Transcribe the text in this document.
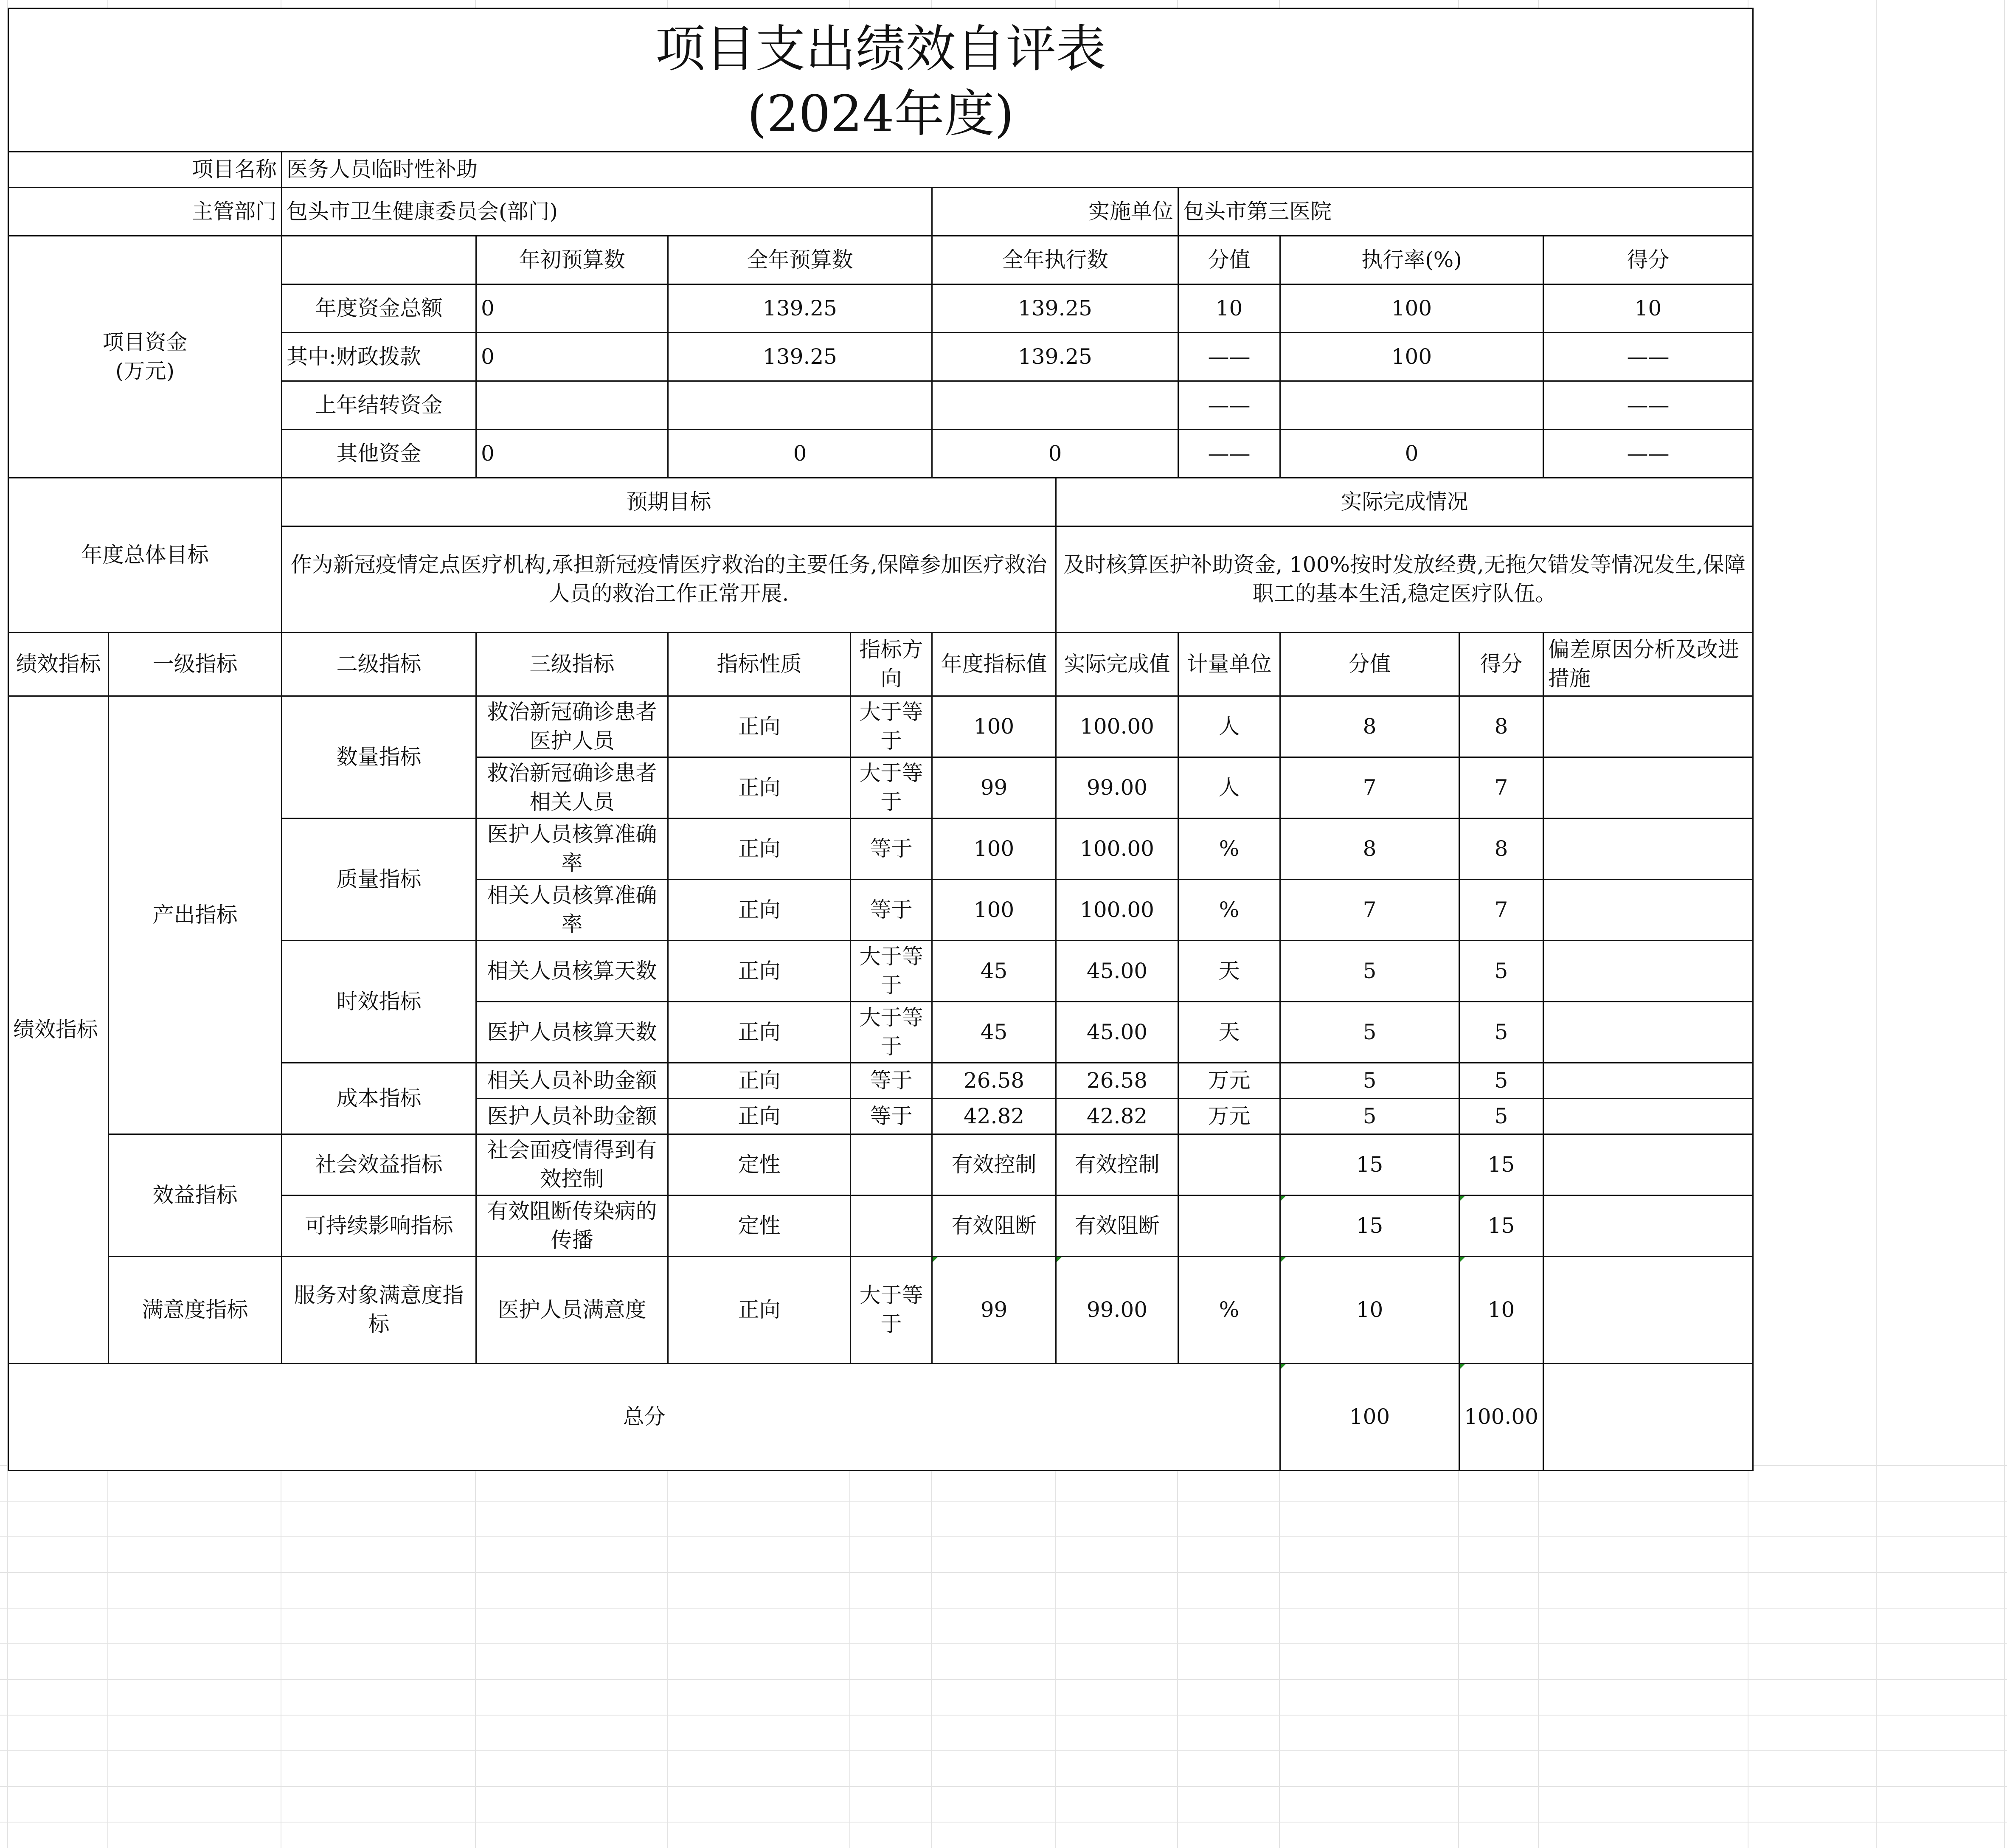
项目支出绩效自评表
(2024年度)											

项目名称		医务人员临时性补助									
主管部门		包头市卫生健康委员会(部门)				实施单位		包头市第三医院			

项目资金
(万元)			年初预算数	全年预算数		全年执行数		分值	执行率(%)		得分
		年度资金总额	0	139.25		139.25		10	100		10
		其中:财政拨款	0	139.25		139.25		——	100		——
		上年结转资金						——			——
		其他资金	0	0		0		——	0		——
年度总体目标		预期目标					实际完成情况				
		作为新冠疫情定点医疗机构,承担新冠疫情医疗救治的主要任务,保障参加医疗救治人员的救治工作正常开展.					及时核算医护补助资金, 100%按时发放经费,无拖欠错发等情况发生,保障职工的基本生活,稳定医疗队伍。				
绩效指标	一级指标	二级指标	三级指标	指标性质	指标方向	年度指标值	实际完成值	计量单位	分值	得分	偏差原因分析及改进措施
绩效指标	产出指标	数量指标	救治新冠确诊患者医护人员	正向	大于等于	100	100.00	人	8	8	
			救治新冠确诊患者相关人员	正向	大于等于	99	99.00	人	7	7	
		质量指标	医护人员核算准确率	正向	等于	100	100.00	%	8	8	
			相关人员核算准确率	正向	等于	100	100.00	%	7	7	
		时效指标	相关人员核算天数	正向	大于等于	45	45.00	天	5	5	
			医护人员核算天数	正向	大于等于	45	45.00	天	5	5	
		成本指标	相关人员补助金额	正向	等于	26.58	26.58	万元	5	5	
			医护人员补助金额	正向	等于	42.82	42.82	万元	5	5	
	效益指标	社会效益指标	社会面疫情得到有效控制	定性		有效控制	有效控制		15	15	
		可持续影响指标	有效阻断传染病的传播	定性		有效阻断	有效阻断		15	15	
	满意度指标	服务对象满意度指标	医护人员满意度	正向	大于等于	99	99.00	%	10	10	
总分									100	100.00	
